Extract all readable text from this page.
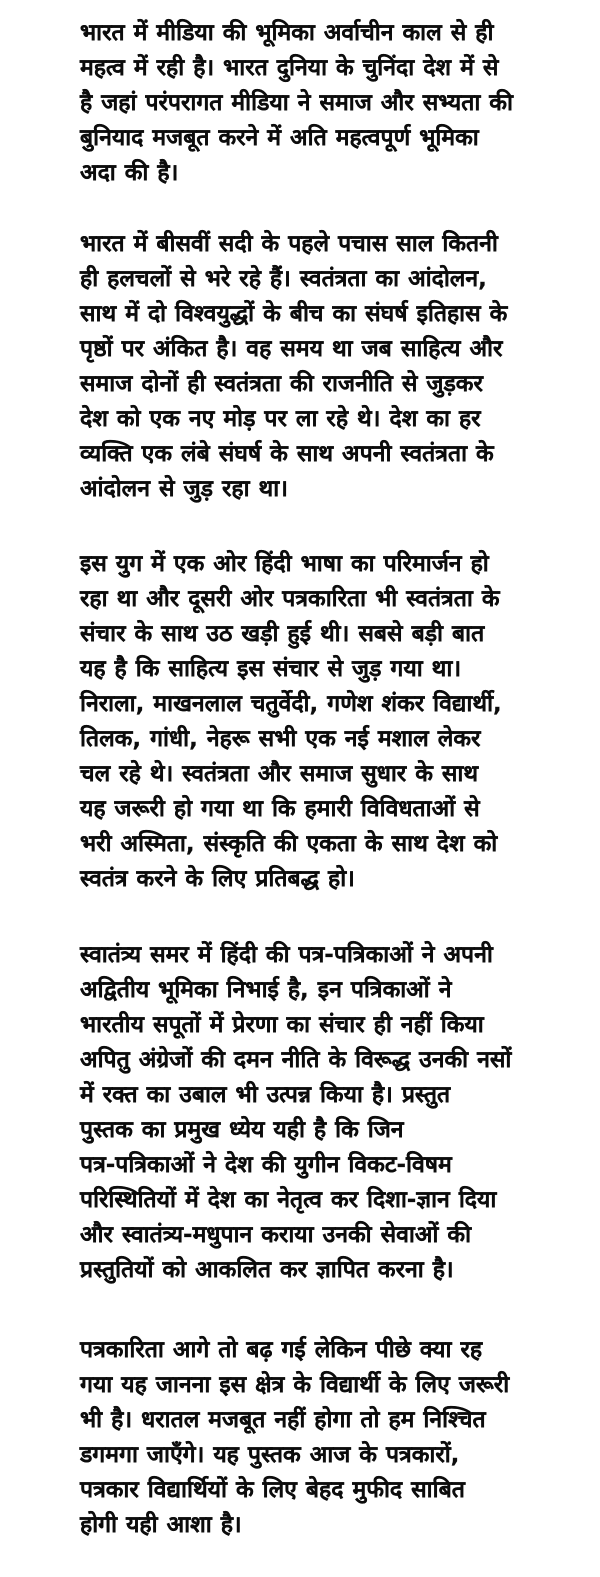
भारत में मीडिया की भूमिका अर्वाचीन काल से ही
महत्व में रही है। भारत दुनिया के चुनिंदा देश में से
है जहां परंपरागत मीडिया ने समाज और सभ्यता की
बुनियाद मजबूत करने में अति महत्वपूर्ण भूमिका
अदा की है।
भारत में बीसवीं सदी के पहले पचास साल कितनी
ही हलचलों से भरे रहे हैं। स्वतंत्रता का आंदोलन,
साथ में दो विश्वयुद्धों के बीच का संघर्ष इतिहास के
पृष्ठों पर अंकित है। वह समय था जब साहित्य और
समाज दोनों ही स्वतंत्रता की राजनीति से जुड़कर
देश को एक नए मोड़ पर ला रहे थे। देश का हर
व्यक्ति एक लंबे संघर्ष के साथ अपनी स्वतंत्रता के
आंदोलन से जुड़ रहा था।
इस युग में एक ओर हिंदी भाषा का परिमार्जन हो
रहा था और दूसरी ओर पत्रकारिता भी स्वतंत्रता के
संचार के साथ उठ खड़ी हुई थी। सबसे बड़ी बात
यह है कि साहित्य इस संचार से जुड़ गया था।
निराला, माखनलाल चतुर्वेदी, गणेश शंकर विद्यार्थी,
तिलक, गांधी, नेहरू सभी एक नई मशाल लेकर
चल रहे थे। स्वतंत्रता और समाज सुधार के साथ
यह जरूरी हो गया था कि हमारी विविधताओं से
भरी अस्मिता, संस्कृति की एकता के साथ देश को
स्वतंत्र करने के लिए प्रतिबद्ध हो।
स्वातंत्र्य समर में हिंदी की पत्र-पत्रिकाओं ने अपनी
अद्वितीय भूमिका निभाई है, इन पत्रिकाओं ने
भारतीय सपूतों में प्रेरणा का संचार ही नहीं किया
अपितु अंग्रेजों की दमन नीति के विरूद्ध उनकी नसों
में रक्त का उबाल भी उत्पन्न किया है। प्रस्तुत
पुस्तक का प्रमुख ध्येय यही है कि जिन
पत्र-पत्रिकाओं ने देश की युगीन विकट-विषम
परिस्थितियों में देश का नेतृत्व कर दिशा-ज्ञान दिया
और स्वातंत्र्य-मधुपान कराया उनकी सेवाओं की
प्रस्तुतियों को आकलित कर ज्ञापित करना है।
पत्रकारिता आगे तो बढ़ गई लेकिन पीछे क्या रह
गया यह जानना इस क्षेत्र के विद्यार्थी के लिए जरूरी
भी है। धरातल मजबूत नहीं होगा तो हम निश्चित
डगमगा जाएँगे। यह पुस्तक आज के पत्रकारों,
पत्रकार विद्यार्थियों के लिए बेहद मुफीद साबित
होगी यही आशा है।
